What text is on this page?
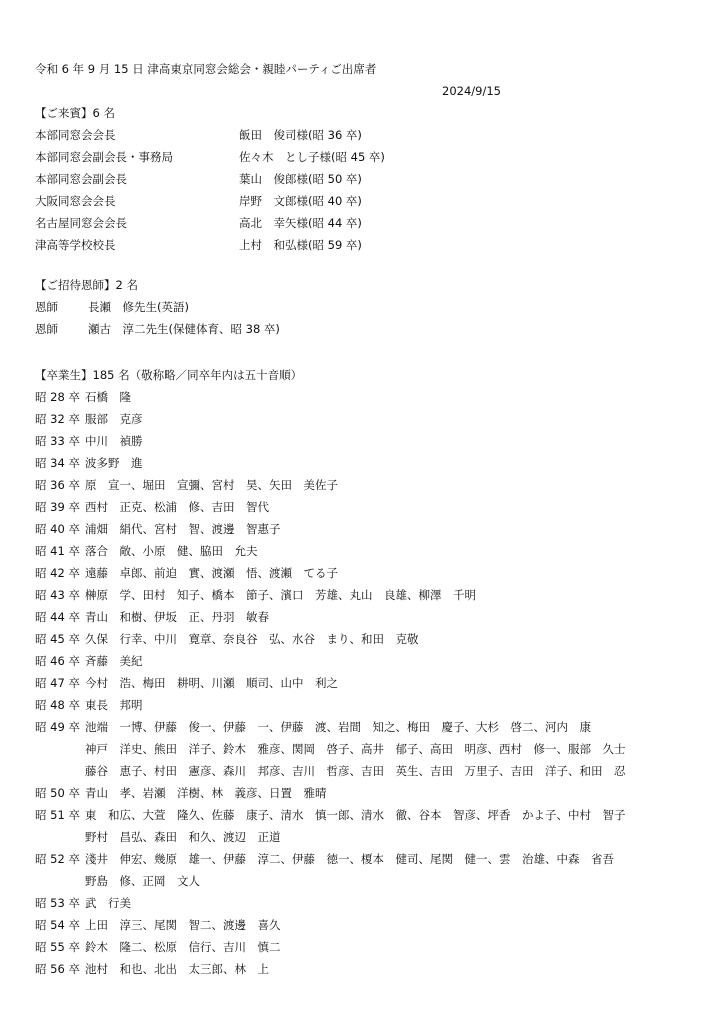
令和 6 年 9 月 15 日 津高東京同窓会総会・親睦パーティご出席者
2024/9/15
【ご来賓】6 名
本部同窓会会長	飯田　俊司様(昭 36 卒)
本部同窓会副会長・事務局	佐々木　とし子様(昭 45 卒)
本部同窓会副会長	葉山　俊郎様(昭 50 卒)
大阪同窓会会長	岸野　文郎様(昭 40 卒)
名古屋同窓会会長	高北　幸矢様(昭 44 卒)
津高等学校校長	上村　和弘様(昭 59 卒)
【ご招待恩師】2 名
恩師	長瀬　修先生(英語)
恩師	瀬古　淳二先生(保健体育、昭 38 卒)
【卒業生】185 名（敬称略／同卒年内は五十音順）
昭 28 卒 石橋　隆
昭 32 卒 服部　克彦
昭 33 卒 中川　禎勝
昭 34 卒 波多野　進
昭 36 卒 原　宣一、堀田　宣彌、宮村　昊、矢田　美佐子
昭 39 卒 西村　正克、松浦　修、吉田　智代
昭 40 卒 浦畑　絹代、宮村　智、渡邊　智惠子
昭 41 卒 落合　敞、小原　健、脇田　允夫
昭 42 卒 遠藤　卓郎、前迫　實、渡瀬　悟、渡瀬　てる子
昭 43 卒 榊原　学、田村　知子、橋本　節子、濱口　芳雄、丸山　良雄、柳澤　千明
昭 44 卒 青山　和樹、伊坂　正、丹羽　敏春
昭 45 卒 久保　行幸、中川　寛章、奈良谷　弘、水谷　まり、和田　克敬
昭 46 卒 斉藤　美紀
昭 47 卒 今村　浩、梅田　耕明、川瀬　順司、山中　利之
昭 48 卒 東長　邦明
昭 49 卒 池端　一博、伊藤　俊一、伊藤　一、伊藤　渡、岩間　知之、梅田　慶子、大杉　啓二、河内　康
神戸　洋史、熊田　洋子、鈴木　雅彦、関岡　啓子、高井　郁子、高田　明彦、西村　修一、服部　久士
藤谷　恵子、村田　憲彦、森川　邦彦、吉川　哲彦、吉田　英生、吉田　万里子、吉田　洋子、和田　忍
昭 50 卒 青山　孝、岩瀬　洋樹、林　義彦、日置　雅晴
昭 51 卒 東　和広、大萱　隆久、佐藤　康子、清水　慎一郎、清水　徹、谷本　智彦、坪香　かよ子、中村　智子
野村　昌弘、森田　和久、渡辺　正道
昭 52 卒 淺井　伸宏、幾原　雄一、伊藤　淳二、伊藤　徳一、榎本　健司、尾関　健一、雲　治雄、中森　省吾
野島　修、正岡　文人
昭 53 卒 武　行美
昭 54 卒 上田　淳三、尾関　智二、渡邊　喜久
昭 55 卒 鈴木　隆二、松原　信行、吉川　慎二
昭 56 卒 池村　和也、北出　太三郎、林　上
